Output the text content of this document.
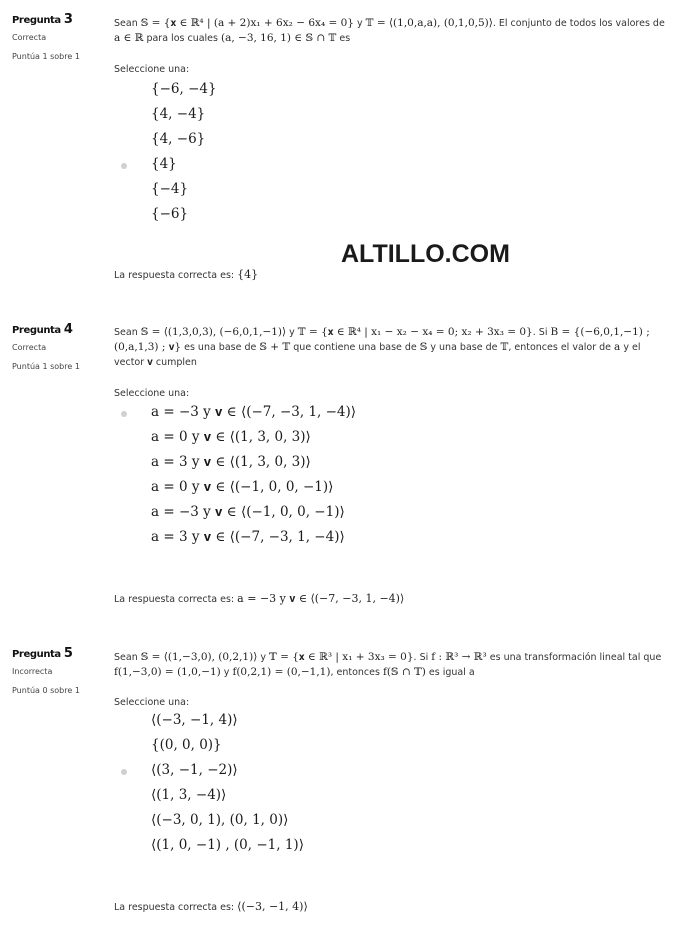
Pregunta 3
Correcta
Puntúa 1 sobre 1
Sean 𝕊 = {𝐱 ∈ ℝ⁴ | (a + 2)x₁ + 6x₂ − 6x₄ = 0} y 𝕋 = ⟨(1,0,a,a), (0,1,0,5)⟩. El conjunto de todos los valores de a ∈ ℝ para los cuales (a, −3, 16, 1) ∈ 𝕊 ∩ 𝕋 es
Seleccione una:
{−6, −4}
{4, −4}
{4, −6}
{4}
{−4}
{−6}
La respuesta correcta es: {4}
ALTILLO.COM
Pregunta 4
Correcta
Puntúa 1 sobre 1
Sean 𝕊 = ⟨(1,3,0,3), (−6,0,1,−1)⟩ y 𝕋 = {𝐱 ∈ ℝ⁴ | x₁ − x₂ − x₄ = 0; x₂ + 3x₃ = 0}. Si B = {(−6,0,1,−1) ; (0,a,1,3) ; 𝐯} es una base de 𝕊 + 𝕋 que contiene una base de 𝕊 y una base de 𝕋, entonces el valor de a y el vector 𝐯 cumplen
Seleccione una:
a = −3 y 𝐯 ∈ ⟨(−7, −3, 1, −4)⟩
a = 0 y 𝐯 ∈ ⟨(1, 3, 0, 3)⟩
a = 3 y 𝐯 ∈ ⟨(1, 3, 0, 3)⟩
a = 0 y 𝐯 ∈ ⟨(−1, 0, 0, −1)⟩
a = −3 y 𝐯 ∈ ⟨(−1, 0, 0, −1)⟩
a = 3 y 𝐯 ∈ ⟨(−7, −3, 1, −4)⟩
La respuesta correcta es: a = −3 y 𝐯 ∈ ⟨(−7, −3, 1, −4)⟩
Pregunta 5
Incorrecta
Puntúa 0 sobre 1
Sean 𝕊 = ⟨(1,−3,0), (0,2,1)⟩ y 𝕋 = {𝐱 ∈ ℝ³ | x₁ + 3x₃ = 0}. Si f : ℝ³ → ℝ³ es una transformación lineal tal que f(1,−3,0) = (1,0,−1) y f(0,2,1) = (0,−1,1), entonces f(𝕊 ∩ 𝕋) es igual a
Seleccione una:
⟨(−3, −1, 4)⟩
{(0, 0, 0)}
⟨(3, −1, −2)⟩
⟨(1, 3, −4)⟩
⟨(−3, 0, 1), (0, 1, 0)⟩
⟨(1, 0, −1) , (0, −1, 1)⟩
La respuesta correcta es: ⟨(−3, −1, 4)⟩
